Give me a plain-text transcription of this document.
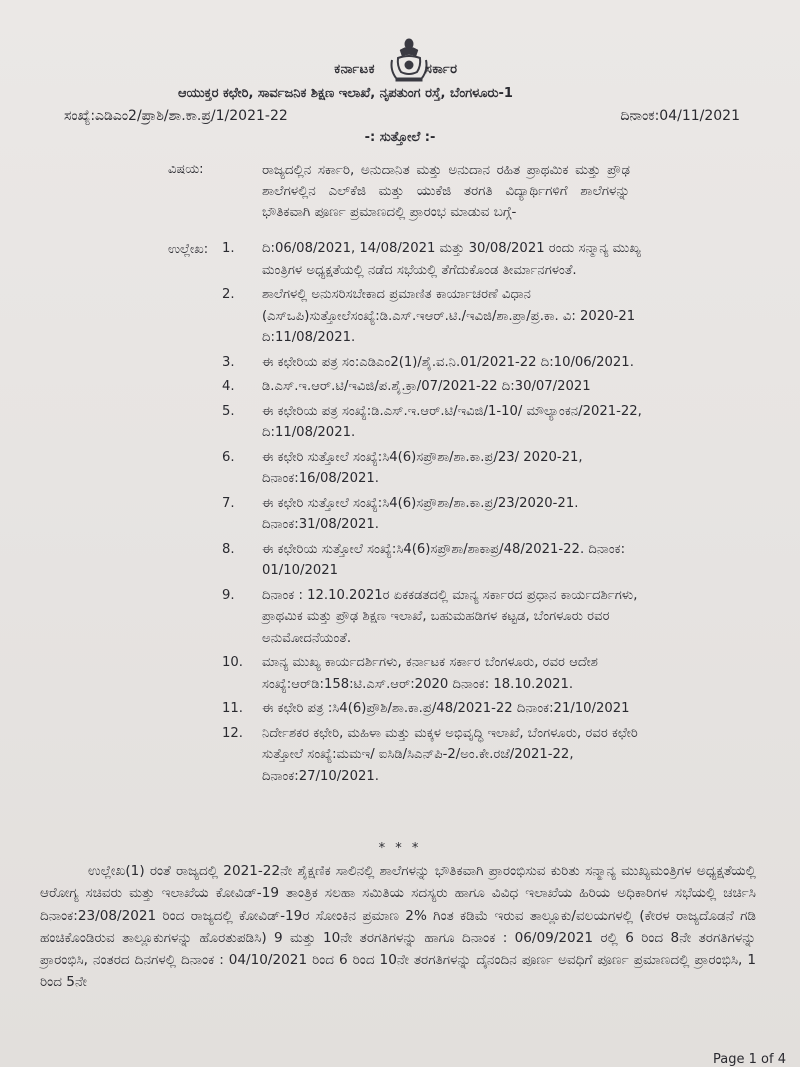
ಕರ್ನಾಟಕ	ಸರ್ಕಾರ
ಆಯುಕ್ತರ ಕಛೇರಿ, ಸಾರ್ವಜನಿಕ ಶಿಕ್ಷಣ ಇಲಾಖೆ, ನೃಪತುಂಗ ರಸ್ತೆ, ಬೆಂಗಳೂರು-1
ಸಂಖ್ಯೆ:ಎಡಿಎಂ2/ಪ್ರಾಶಿ/ಶಾ.ಕಾ.ಪ್ರ/1/2021-22	ದಿನಾಂಕ:04/11/2021
-: ಸುತ್ತೋಲೆ :-
ವಿಷಯ:	ರಾಜ್ಯದಲ್ಲಿನ ಸರ್ಕಾರಿ, ಅನುದಾನಿತ ಮತ್ತು ಅನುದಾನ ರಹಿತ ಪ್ರಾಥಮಿಕ ಮತ್ತು ಪ್ರೌಢ ಶಾಲೆಗಳಲ್ಲಿನ ಎಲ್‌ಕೆಜಿ ಮತ್ತು ಯುಕೆಜಿ ತರಗತಿ ವಿದ್ಯಾರ್ಥಿಗಳಿಗೆ ಶಾಲೆಗಳನ್ನು ಭೌತಿಕವಾಗಿ ಪೂರ್ಣ ಪ್ರಮಾಣದಲ್ಲಿ ಪ್ರಾರಂಭ ಮಾಡುವ ಬಗ್ಗೆ-
ಉಲ್ಲೇಖ: 1.	ದಿ:06/08/2021, 14/08/2021 ಮತ್ತು 30/08/2021 ರಂದು ಸನ್ಮಾನ್ಯ ಮುಖ್ಯ ಮಂತ್ರಿಗಳ ಅಧ್ಯಕ್ಷತೆಯಲ್ಲಿ ನಡೆದ ಸಭೆಯಲ್ಲಿ ತೆಗೆದುಕೊಂಡ ತೀರ್ಮಾನಗಳಂತೆ.
2.	ಶಾಲೆಗಳಲ್ಲಿ ಅನುಸರಿಸಬೇಕಾದ ಪ್ರಮಾಣಿತ ಕಾರ್ಯಾಚರಣೆ ವಿಧಾನ (ಎಸ್‌ಒಪಿ)ಸುತ್ತೋಲೆಸಂಖ್ಯೆ:ಡಿ.ಎಸ್.ಇಆರ್.ಟಿ./ಇವಿಜಿ/ಶಾ.ಪ್ರಾ/ಪ್ರ.ಕಾ. ವಿ: 2020-21 ದಿ:11/08/2021.
3.	ಈ ಕಛೇರಿಯ ಪತ್ರ ಸಂ:ಎಡಿಎಂ2(1)/ಶೈ.ವ.ನಿ.01/2021-22 ದಿ:10/06/2021.
4.	ಡಿ.ಎಸ್.ಇ.ಆರ್.ಟಿ/ಇವಿಜಿ/ಪ.ಶೈ.ಕ್ರಾ/07/2021-22 ದಿ:30/07/2021
5.	ಈ ಕಛೇರಿಯ ಪತ್ರ ಸಂಖ್ಯೆ:ಡಿ.ಎಸ್.ಇ.ಆರ್.ಟಿ/ಇವಿಜಿ/1-10/ ಮೌಲ್ಯಾಂಕನ/2021-22, ದಿ:11/08/2021.
6.	ಈ ಕಛೇರಿ ಸುತ್ತೋಲೆ ಸಂಖ್ಯೆ:ಸಿ4(6)ಸಪ್ರೌಶಾ/ಶಾ.ಕಾ.ಪ್ರ/23/ 2020-21, ದಿನಾಂಕ:16/08/2021.
7.	ಈ ಕಛೇರಿ ಸುತ್ತೋಲೆ ಸಂಖ್ಯೆ:ಸಿ4(6)ಸಪ್ರೌಶಾ/ಶಾ.ಕಾ.ಪ್ರ/23/2020-21. ದಿನಾಂಕ:31/08/2021.
8.	ಈ ಕಛೇರಿಯ ಸುತ್ತೋಲೆ ಸಂಖ್ಯೆ:ಸಿ4(6)ಸಪ್ರೌಶಾ/ಶಾಕಾಪ್ರ/48/2021-22. ದಿನಾಂಕ: 01/10/2021
9.	ದಿನಾಂಕ : 12.10.2021ರ ಏಕಕಡತದಲ್ಲಿ ಮಾನ್ಯ ಸರ್ಕಾರದ ಪ್ರಧಾನ ಕಾರ್ಯದರ್ಶಿಗಳು, ಪ್ರಾಥಮಿಕ ಮತ್ತು ಪ್ರೌಢ ಶಿಕ್ಷಣ ಇಲಾಖೆ, ಬಹುಮಹಡಿಗಳ ಕಟ್ಟಡ, ಬೆಂಗಳೂರು ರವರ ಅನುಮೋದನೆಯಂತೆ.
10.	ಮಾನ್ಯ ಮುಖ್ಯ ಕಾರ್ಯದರ್ಶಿಗಳು, ಕರ್ನಾಟಕ ಸರ್ಕಾರ ಬೆಂಗಳೂರು, ರವರ ಆದೇಶ ಸಂಖ್ಯೆ:ಆರ್‌ಡಿ:158:ಟಿ.ಎಸ್.ಆರ್:2020 ದಿನಾಂಕ: 18.10.2021.
11.	ಈ ಕಛೇರಿ ಪತ್ರ :ಸಿ4(6)ಪ್ರೌಶಿ/ಶಾ.ಕಾ.ಪ್ರ/48/2021-22 ದಿನಾಂಕ:21/10/2021
12.	ನಿರ್ದೇಶಕರ ಕಛೇರಿ, ಮಹಿಳಾ ಮತ್ತು ಮಕ್ಕಳ ಅಭಿವೃದ್ಧಿ ಇಲಾಖೆ, ಬೆಂಗಳೂರು, ರವರ ಕಛೇರಿ ಸುತ್ತೋಲೆ ಸಂಖ್ಯೆ:ಮಮಇ/ ಐಸಿಡಿ/ಸಿಎನ್‌ಪಿ-2/ಅಂ.ಕೇ.ರಜೆ/2021-22, ದಿನಾಂಕ:27/10/2021.
* * *
ಉಲ್ಲೇಖ(1) ರಂತೆ ರಾಜ್ಯದಲ್ಲಿ 2021-22ನೇ ಶೈಕ್ಷಣಿಕ ಸಾಲಿನಲ್ಲಿ ಶಾಲೆಗಳನ್ನು ಭೌತಿಕವಾಗಿ ಪ್ರಾರಂಭಿಸುವ ಕುರಿತು ಸನ್ಮಾನ್ಯ ಮುಖ್ಯಮಂತ್ರಿಗಳ ಅಧ್ಯಕ್ಷತೆಯಲ್ಲಿ ಆರೋಗ್ಯ ಸಚಿವರು ಮತ್ತು ಇಲಾಖೆಯ ಕೋವಿಡ್-19 ತಾಂತ್ರಿಕ ಸಲಹಾ ಸಮಿತಿಯ ಸದಸ್ಯರು ಹಾಗೂ ವಿವಿಧ ಇಲಾಖೆಯ ಹಿರಿಯ ಅಧಿಕಾರಿಗಳ ಸಭೆಯಲ್ಲಿ ಚರ್ಚಿಸಿ ದಿನಾಂಕ:23/08/2021 ರಿಂದ ರಾಜ್ಯದಲ್ಲಿ ಕೋವಿಡ್-19ರ ಸೋಂಕಿನ ಪ್ರಮಾಣ 2% ಗಿಂತ ಕಡಿಮೆ ಇರುವ ತಾಲ್ಲೂಕು/ವಲಯಗಳಲ್ಲಿ (ಕೇರಳ ರಾಜ್ಯದೊಡನೆ ಗಡಿ ಹಂಚಿಕೊಂಡಿರುವ ತಾಲ್ಲೂಕುಗಳನ್ನು ಹೊರತುಪಡಿಸಿ) 9 ಮತ್ತು 10ನೇ ತರಗತಿಗಳನ್ನು ಹಾಗೂ ದಿನಾಂಕ : 06/09/2021 ರಲ್ಲಿ 6 ರಿಂದ 8ನೇ ತರಗತಿಗಳನ್ನು ಪ್ರಾರಂಭಿಸಿ, ನಂತರದ ದಿನಗಳಲ್ಲಿ ದಿನಾಂಕ : 04/10/2021 ರಿಂದ 6 ರಿಂದ 10ನೇ ತರಗತಿಗಳನ್ನು ದೈನಂದಿನ ಪೂರ್ಣ ಅವಧಿಗೆ ಪೂರ್ಣ ಪ್ರಮಾಣದಲ್ಲಿ ಪ್ರಾರಂಭಿಸಿ, 1 ರಿಂದ 5ನೇ
Page 1 of 4
